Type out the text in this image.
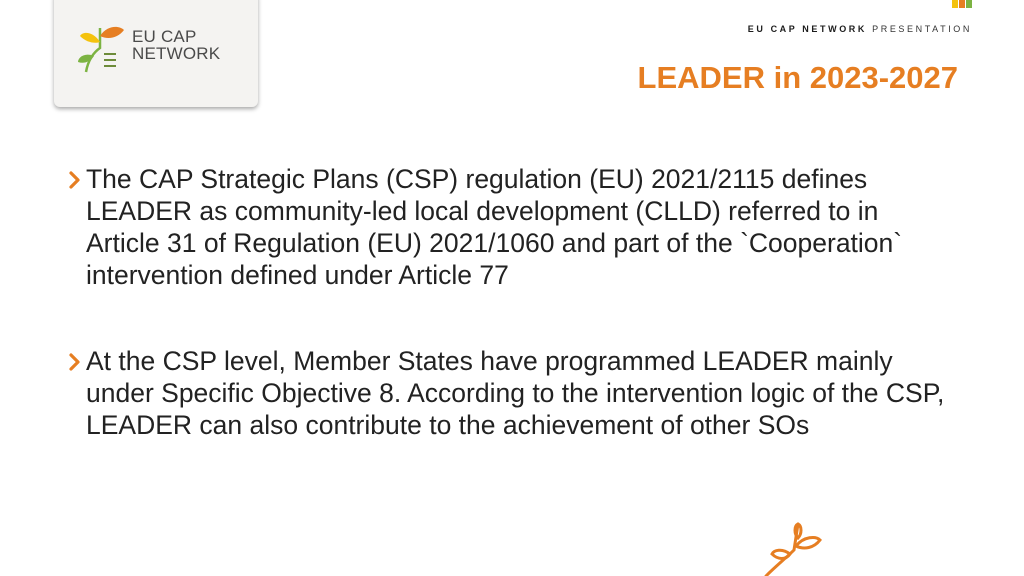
EU CAP
NETWORK
EU CAP NETWORK PRESENTATION
LEADER in 2023-2027

The CAP Strategic Plans (CSP) regulation (EU) 2021/2115 defines LEADER as community-led local development (CLLD) referred to in Article 31 of Regulation (EU) 2021/1060 and part of the `Cooperation` intervention defined under Article 77

At the CSP level, Member States have programmed LEADER mainly under Specific Objective 8. According to the intervention logic of the CSP, LEADER can also contribute to the achievement of other SOs
